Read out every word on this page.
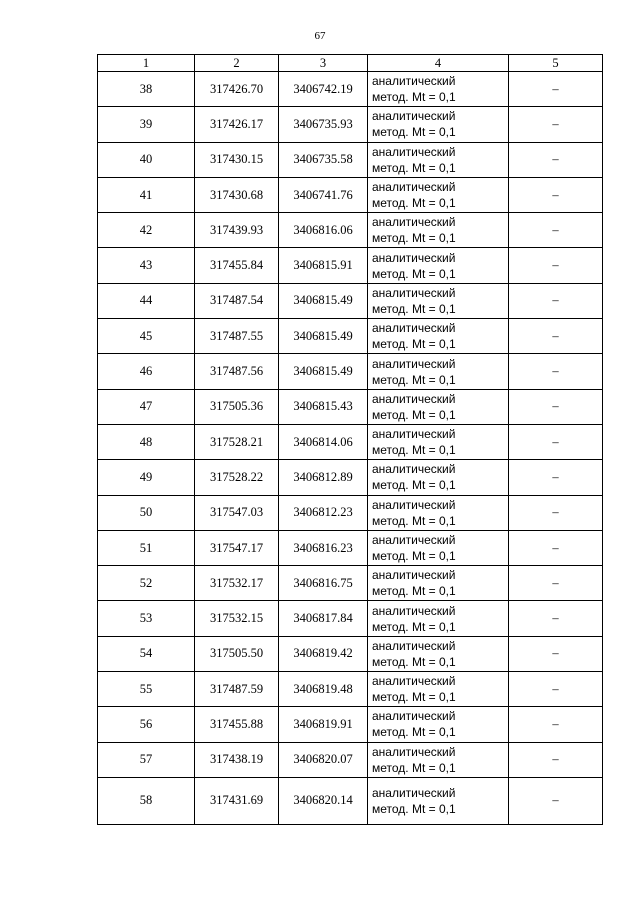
67
1	2	3	4	5
38	317426.70	3406742.19	аналитический
метод. Mt = 0,1	–
39	317426.17	3406735.93	аналитический
метод. Mt = 0,1	–
40	317430.15	3406735.58	аналитический
метод. Mt = 0,1	–
41	317430.68	3406741.76	аналитический
метод. Mt = 0,1	–
42	317439.93	3406816.06	аналитический
метод. Mt = 0,1	–
43	317455.84	3406815.91	аналитический
метод. Mt = 0,1	–
44	317487.54	3406815.49	аналитический
метод. Mt = 0,1	–
45	317487.55	3406815.49	аналитический
метод. Mt = 0,1	–
46	317487.56	3406815.49	аналитический
метод. Mt = 0,1	–
47	317505.36	3406815.43	аналитический
метод. Mt = 0,1	–
48	317528.21	3406814.06	аналитический
метод. Mt = 0,1	–
49	317528.22	3406812.89	аналитический
метод. Mt = 0,1	–
50	317547.03	3406812.23	аналитический
метод. Mt = 0,1	–
51	317547.17	3406816.23	аналитический
метод. Mt = 0,1	–
52	317532.17	3406816.75	аналитический
метод. Mt = 0,1	–
53	317532.15	3406817.84	аналитический
метод. Mt = 0,1	–
54	317505.50	3406819.42	аналитический
метод. Mt = 0,1	–
55	317487.59	3406819.48	аналитический
метод. Mt = 0,1	–
56	317455.88	3406819.91	аналитический
метод. Mt = 0,1	–
57	317438.19	3406820.07	аналитический
метод. Mt = 0,1	–
58	317431.69	3406820.14	аналитический
метод. Mt = 0,1	–
